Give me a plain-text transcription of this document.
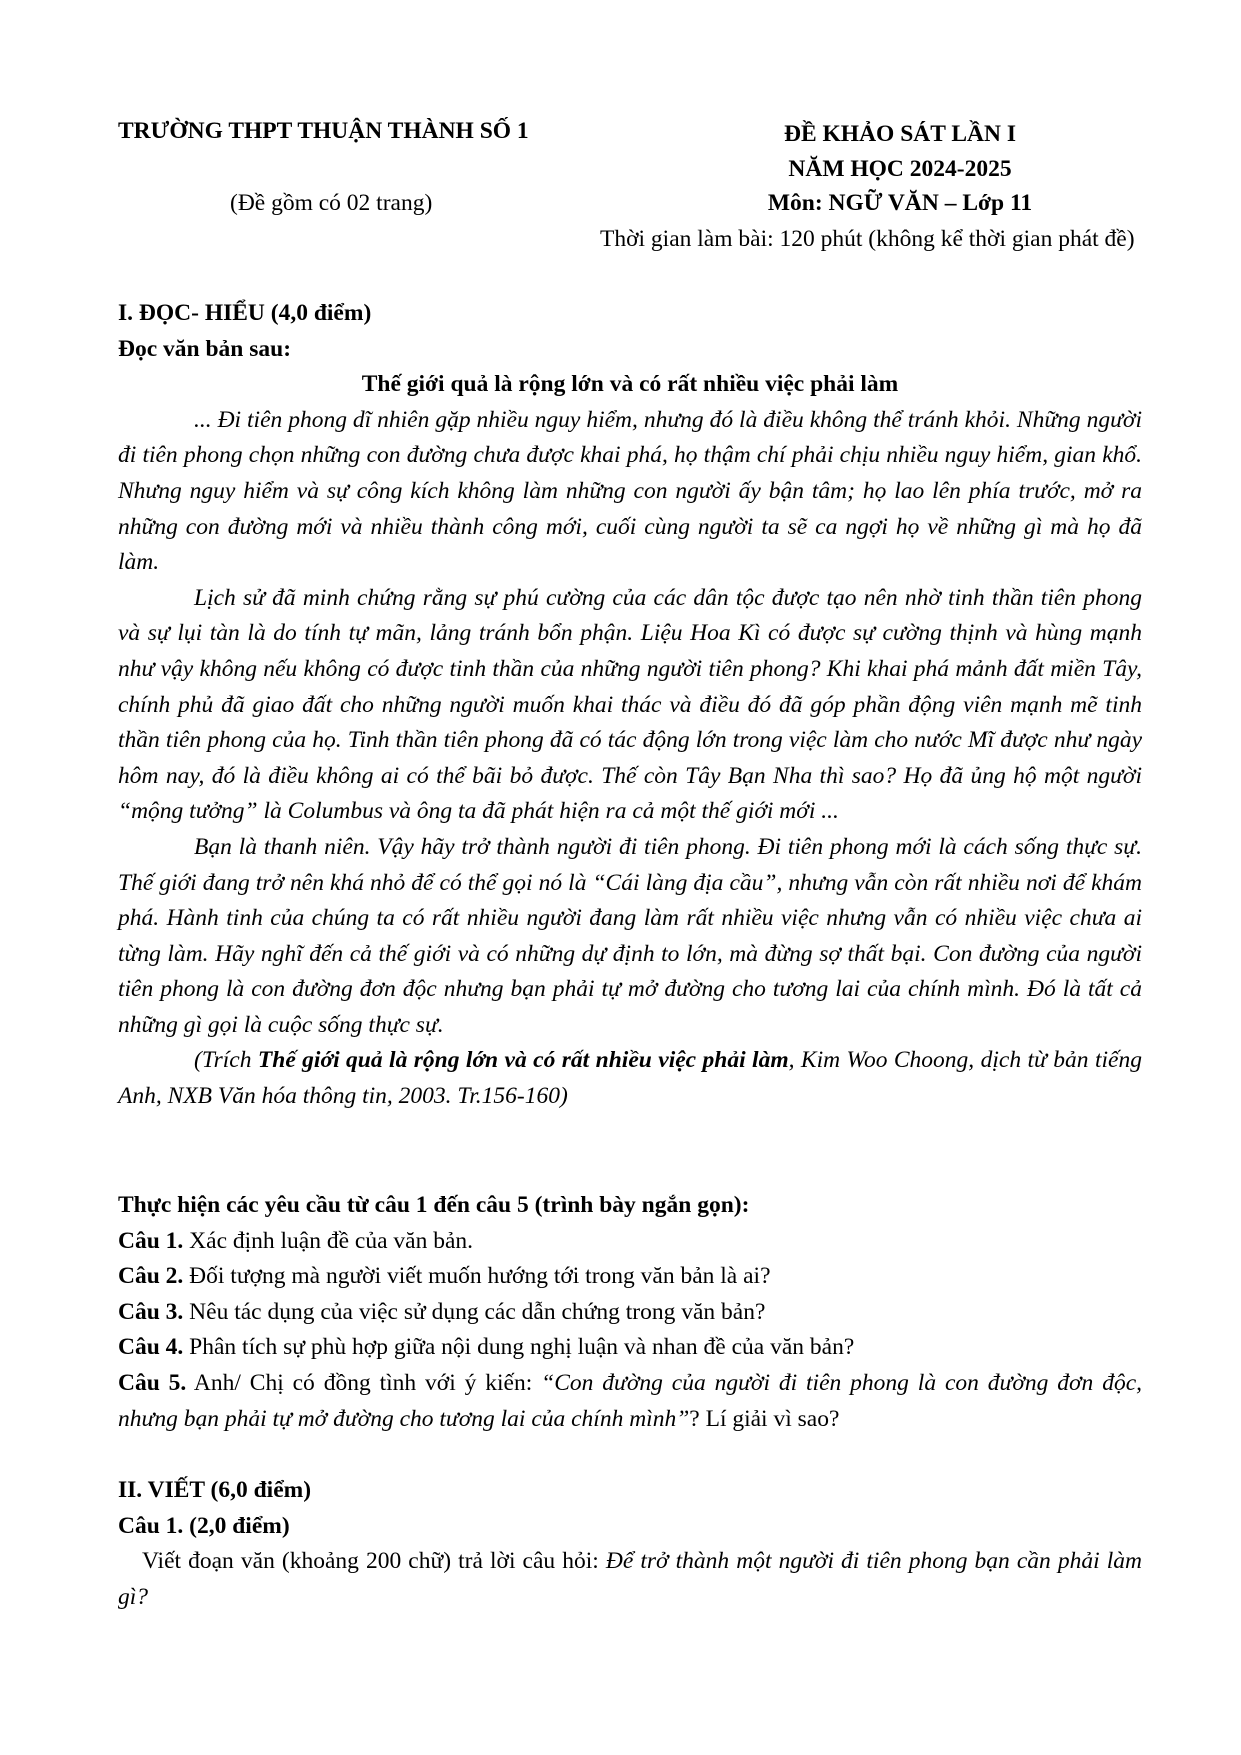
TRƯỜNG THPT THUẬN THÀNH SỐ 1
(Đề gồm có 02 trang)
ĐỀ KHẢO SÁT LẦN I
NĂM HỌC 2024-2025
Môn: NGỮ VĂN – Lớp 11
Thời gian làm bài: 120 phút (không kể thời gian phát đề)

I. ĐỌC- HIỂU (4,0 điểm)

Đọc văn bản sau:

Thế giới quả là rộng lớn và có rất nhiều việc phải làm

... Đi tiên phong dĩ nhiên gặp nhiều nguy hiểm, nhưng đó là điều không thể tránh khỏi. Những người đi tiên phong chọn những con đường chưa được khai phá, họ thậm chí phải chịu nhiều nguy hiểm, gian khổ. Nhưng nguy hiểm và sự công kích không làm những con người ấy bận tâm; họ lao lên phía trước, mở ra những con đường mới và nhiều thành công mới, cuối cùng người ta sẽ ca ngợi họ về những gì mà họ đã làm.

Lịch sử đã minh chứng rằng sự phú cường của các dân tộc được tạo nên nhờ tinh thần tiên phong và sự lụi tàn là do tính tự mãn, lảng tránh bổn phận. Liệu Hoa Kì có được sự cường thịnh và hùng mạnh như vậy không nếu không có được tinh thần của những người tiên phong? Khi khai phá mảnh đất miền Tây, chính phủ đã giao đất cho những người muốn khai thác và điều đó đã góp phần động viên mạnh mẽ tinh thần tiên phong của họ. Tinh thần tiên phong đã có tác động lớn trong việc làm cho nước Mĩ được như ngày hôm nay, đó là điều không ai có thể bãi bỏ được. Thế còn Tây Bạn Nha thì sao? Họ đã ủng hộ một người “mộng tưởng” là Columbus và ông ta đã phát hiện ra cả một thế giới mới ...

Bạn là thanh niên. Vậy hãy trở thành người đi tiên phong. Đi tiên phong mới là cách sống thực sự. Thế giới đang trở nên khá nhỏ để có thể gọi nó là “Cái làng địa cầu”, nhưng vẫn còn rất nhiều nơi để khám phá. Hành tinh của chúng ta có rất nhiều người đang làm rất nhiều việc nhưng vẫn có nhiều việc chưa ai từng làm. Hãy nghĩ đến cả thế giới và có những dự định to lớn, mà đừng sợ thất bại. Con đường của người tiên phong là con đường đơn độc nhưng bạn phải tự mở đường cho tương lai của chính mình. Đó là tất cả những gì gọi là cuộc sống thực sự.

(Trích Thế giới quả là rộng lớn và có rất nhiều việc phải làm, Kim Woo Choong, dịch từ bản tiếng Anh, NXB Văn hóa thông tin, 2003. Tr.156-160)

Thực hiện các yêu cầu từ câu 1 đến câu 5 (trình bày ngắn gọn):

Câu 1. Xác định luận đề của văn bản.

Câu 2. Đối tượng mà người viết muốn hướng tới trong văn bản là ai?

Câu 3. Nêu tác dụng của việc sử dụng các dẫn chứng trong văn bản?

Câu 4. Phân tích sự phù hợp giữa nội dung nghị luận và nhan đề của văn bản?

Câu 5. Anh/ Chị có đồng tình với ý kiến: “Con đường của người đi tiên phong là con đường đơn độc, nhưng bạn phải tự mở đường cho tương lai của chính mình”? Lí giải vì sao?

II. VIẾT (6,0 điểm)

Câu 1. (2,0 điểm)

Viết đoạn văn (khoảng 200 chữ) trả lời câu hỏi: Để trở thành một người đi tiên phong bạn cần phải làm gì?
